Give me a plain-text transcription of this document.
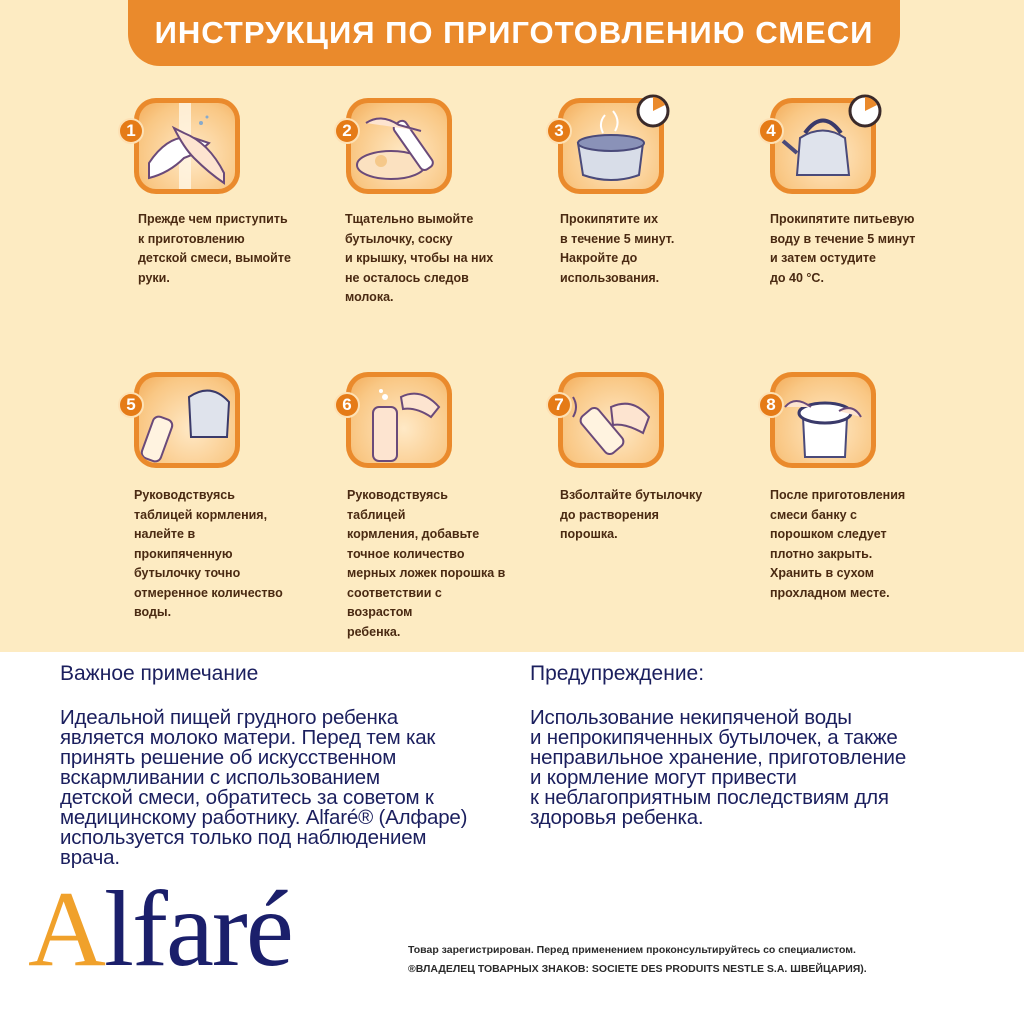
ИНСТРУКЦИЯ ПО ПРИГОТОВЛЕНИЮ СМЕСИ
1
Прежде чем приступить
к приготовлению
детской смеси, вымойте
руки.
2
Тщательно вымойте
бутылочку, соску
и крышку, чтобы на них
не осталось следов
молока.
3
Прокипятите их
в течение 5 минут.
Накройте до
использования.
4
Прокипятите питьевую
воду в течение 5 минут
и затем остудите
до 40 °C.
5
Руководствуясь
таблицей кормления,
налейте в
прокипяченную
бутылочку точно
отмеренное количество
воды.
6
Руководствуясь таблицей
кормления, добавьте
точное количество
мерных ложек порошка в
соответствии с возрастом
ребенка.
7
Взболтайте бутылочку
до растворения
порошка.
8
После приготовления
смеси банку с
порошком следует
плотно закрыть.
Хранить в сухом
прохладном месте.
Важное примечание
Идеальной пищей грудного ребенка
является молоко матери. Перед тем как
принять решение об искусственном
вскармливании с использованием
детской смеси, обратитесь за советом к
медицинскому работнику. Alfaré® (Алфаре)
используется только под наблюдением
врача.
Предупреждение:
Использование некипяченой воды
и непрокипяченных бутылочек, а также
неправильное хранение, приготовление
и кормление могут привести
к неблагоприятным последствиям для
здоровья ребенка.
Alfaré	Товар зарегистрирован. Перед применением проконсультируйтесь со специалистом.
®ВЛАДЕЛЕЦ ТОВАРНЫХ ЗНАКОВ: SOCIETE DES PRODUITS NESTLE S.A. ШВЕЙЦАРИЯ).
